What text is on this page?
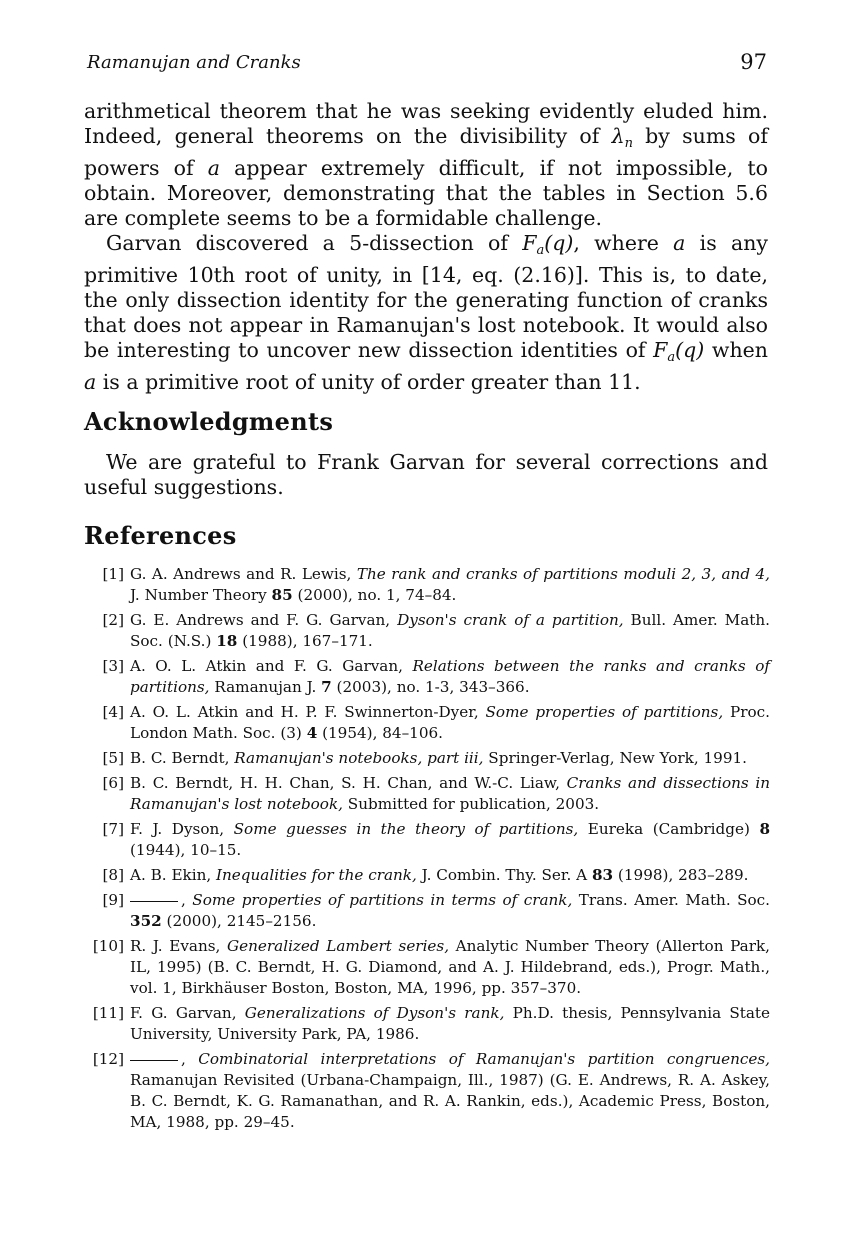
Ramanujan and Cranks	97

arithmetical theorem that he was seeking evidently eluded him. Indeed, general theorems on the divisibility of $\lambda_n$ by sums of powers of a appear extremely difficult, if not impossible, to obtain. Moreover, demonstrating that the tables in Section 5.6 are complete seems to be a formidable challenge.

Garvan discovered a 5-dissection of $F_a(q)$, where a is any primitive 10th root of unity, in [14, eq. (2.16)]. This is, to date, the only dissection identity for the generating function of cranks that does not appear in Ramanujan's lost notebook. It would also be interesting to uncover new dissection identities of $F_a(q)$ when a is a primitive root of unity of order greater than 11.

Acknowledgments

We are grateful to Frank Garvan for several corrections and useful suggestions.

References
[1] G. A. Andrews and R. Lewis, The rank and cranks of partitions moduli 2, 3, and 4, J. Number Theory 85 (2000), no. 1, 74–84.
[2] G. E. Andrews and F. G. Garvan, Dyson's crank of a partition, Bull. Amer. Math. Soc. (N.S.) 18 (1988), 167–171.
[3] A. O. L. Atkin and F. G. Garvan, Relations between the ranks and cranks of partitions, Ramanujan J. 7 (2003), no. 1-3, 343–366.
[4] A. O. L. Atkin and H. P. F. Swinnerton-Dyer, Some properties of partitions, Proc. London Math. Soc. (3) 4 (1954), 84–106.
[5] B. C. Berndt, Ramanujan's notebooks, part iii, Springer-Verlag, New York, 1991.
[6] B. C. Berndt, H. H. Chan, S. H. Chan, and W.-C. Liaw, Cranks and dissections in Ramanujan's lost notebook, Submitted for publication, 2003.
[7] F. J. Dyson, Some guesses in the theory of partitions, Eureka (Cambridge) 8 (1944), 10–15.
[8] A. B. Ekin, Inequalities for the crank, J. Combin. Thy. Ser. A 83 (1998), 283–289.
[9]	, Some properties of partitions in terms of crank, Trans. Amer. Math. Soc. 352 (2000), 2145–2156.
[10] R. J. Evans, Generalized Lambert series, Analytic Number Theory (Allerton Park, IL, 1995) (B. C. Berndt, H. G. Diamond, and A. J. Hildebrand, eds.), Progr. Math., vol. 1, Birkhäuser Boston, Boston, MA, 1996, pp. 357–370.
[11] F. G. Garvan, Generalizations of Dyson's rank, Ph.D. thesis, Pennsylvania State University, University Park, PA, 1986.
[12]	, Combinatorial interpretations of Ramanujan's partition congruences, Ramanujan Revisited (Urbana-Champaign, Ill., 1987) (G. E. Andrews, R. A. Askey, B. C. Berndt, K. G. Ramanathan, and R. A. Rankin, eds.), Academic Press, Boston, MA, 1988, pp. 29–45.
